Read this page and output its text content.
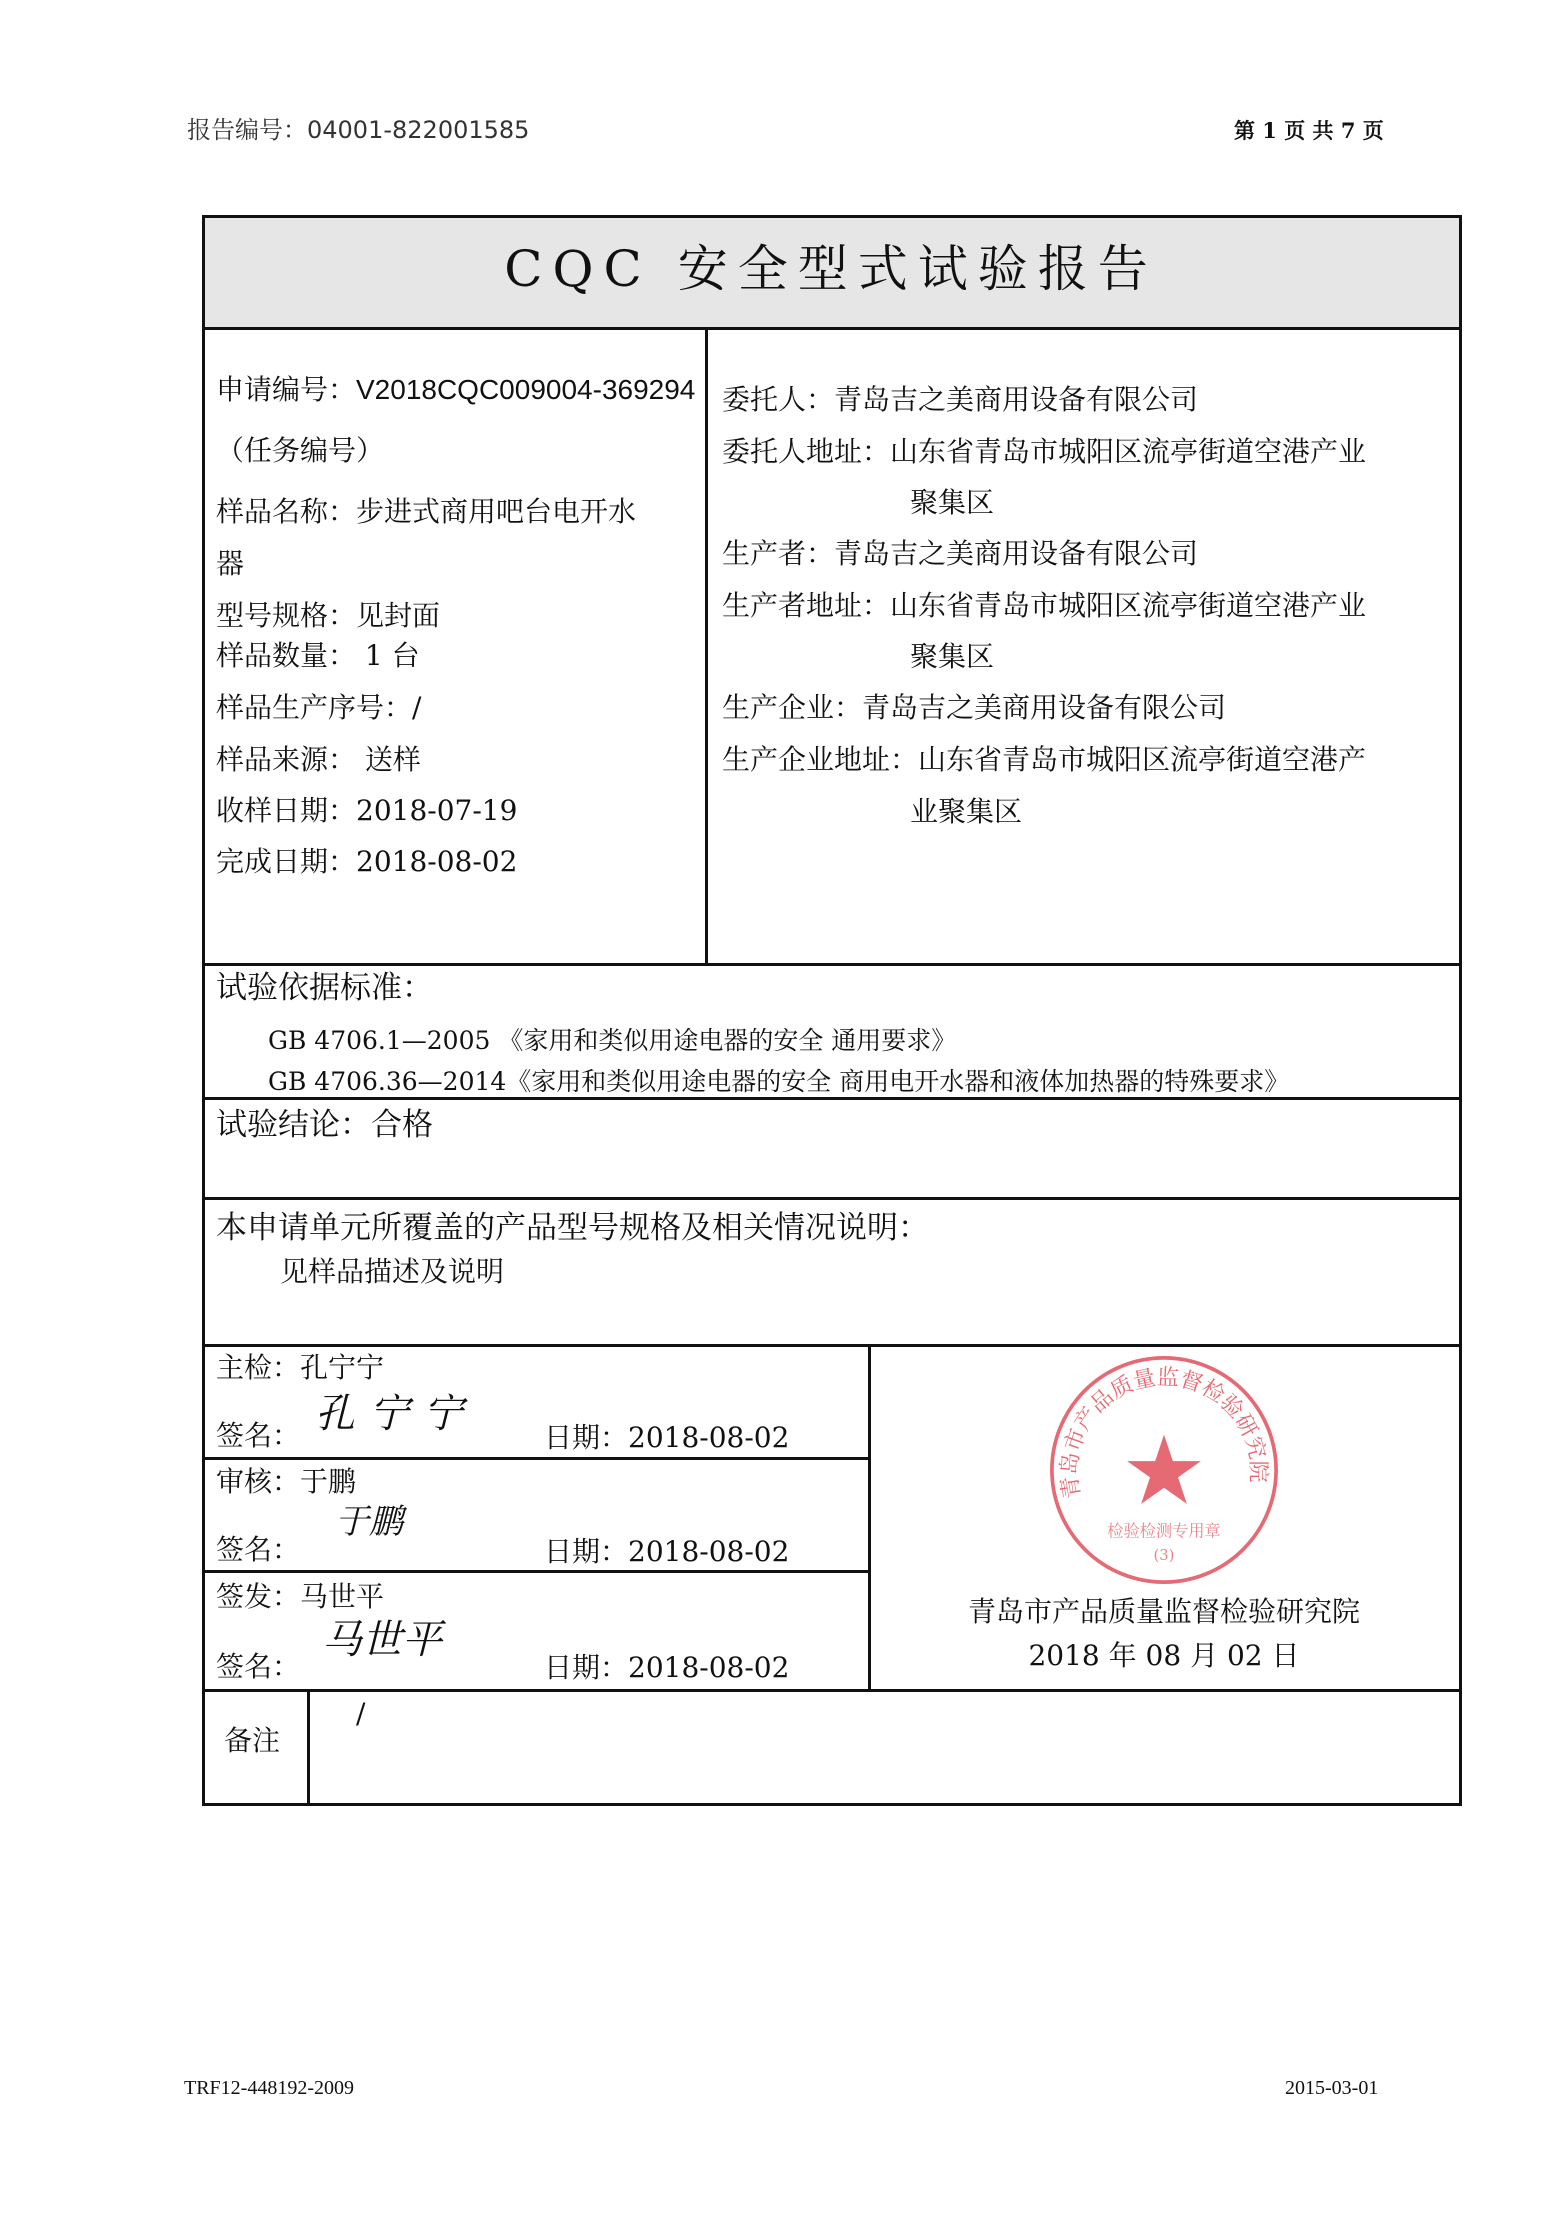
报告编号：04001-822001585	第 1 页 共 7 页
CQC 安全型式试验报告
申请编号：V2018CQC009004-369294
（任务编号）
样品名称：步进式商用吧台电开水
器
型号规格：见封面
样品数量： 1 台
样品生产序号：/
样品来源： 送样
收样日期：2018-07-19
完成日期：2018-08-02
委托人：青岛吉之美商用设备有限公司
委托人地址：山东省青岛市城阳区流亭街道空港产业
聚集区
生产者：青岛吉之美商用设备有限公司
生产者地址：山东省青岛市城阳区流亭街道空港产业
聚集区
生产企业：青岛吉之美商用设备有限公司
生产企业地址：山东省青岛市城阳区流亭街道空港产
业聚集区
试验依据标准：
GB 4706.1—2005 《家用和类似用途电器的安全 通用要求》
GB 4706.36—2014《家用和类似用途电器的安全 商用电开水器和液体加热器的特殊要求》
试验结论：合格
本申请单元所覆盖的产品型号规格及相关情况说明：
见样品描述及说明
主检：孔宁宁
签名： 孔宁宁
日期：2018-08-02
审核：于鹏
签名：
于鹏
日期：2018-08-02
签发：马世平
签名：
马世平
日期：2018-08-02
青岛市产品质量监督检验研究院
检验检测专用章
(3)
青岛市产品质量监督检验研究院
2018 年 08 月 02 日
备注
/
TRF12-448192-2009	2015-03-01
